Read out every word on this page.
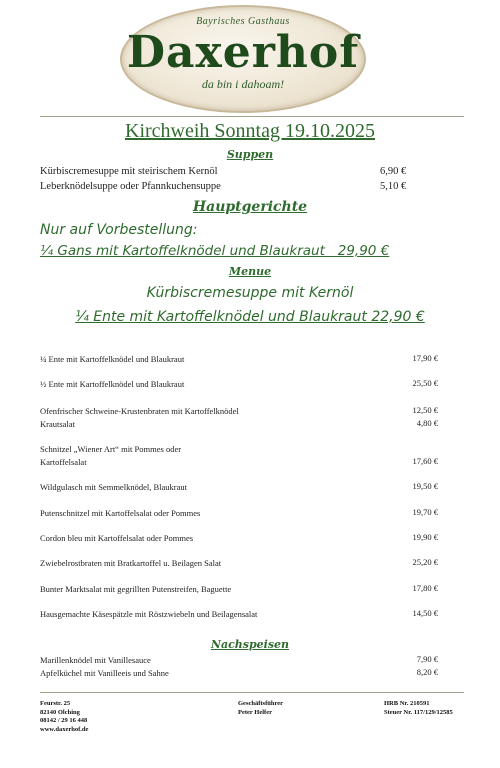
Bayrisches Gasthaus
Daxerhof
da bin i dahoam!
Kirchweih Sonntag 19.10.2025
Suppen
Kürbiscremesuppe mit steirischem Kernöl	6,90 €
Leberknödelsuppe oder Pfannkuchensuppe	5,10 €
Hauptgerichte
Nur auf Vorbestellung:
¼ Gans mit Kartoffelknödel und Blaukraut   29,90 €
Menue
Kürbiscremesuppe mit Kernöl
¼ Ente mit Kartoffelknödel und Blaukraut 22,90 €
¼ Ente mit Kartoffelknödel und Blaukraut	17,90 €
½ Ente mit Kartoffelknödel und Blaukraut	25,50 €
Ofenfrischer Schweine-Krustenbraten mit Kartoffelknödel	12,50 €
Krautsalat	4,80 €
Schnitzel „Wiener Art“ mit Pommes oder
Kartoffelsalat	17,60 €
Wildgulasch mit Semmelknödel, Blaukraut	19,50 €
Putenschnitzel mit Kartoffelsalat oder Pommes	19,70 €
Cordon bleu mit Kartoffelsalat oder Pommes	19,90 €
Zwiebelrostbraten mit Bratkartoffel u. Beilagen Salat	25,20 €
Bunter Marktsalat mit gegrillten Putenstreifen, Baguette	17,80 €
Hausgemachte Käsespätzle mit Röstzwiebeln und Beilagensalat	14,50 €
Nachspeisen
Marillenknödel mit Vanillesauce	7,90 €
Apfelküchel mit Vanilleeis und Sahne	8,20 €
Feurstr. 25
82140 Olching
08142 / 29 16 448
www.daxerhof.de
Geschäftsführer
Peter Helfer
HRB Nr. 210591
Steuer Nr. 117/129/12585
